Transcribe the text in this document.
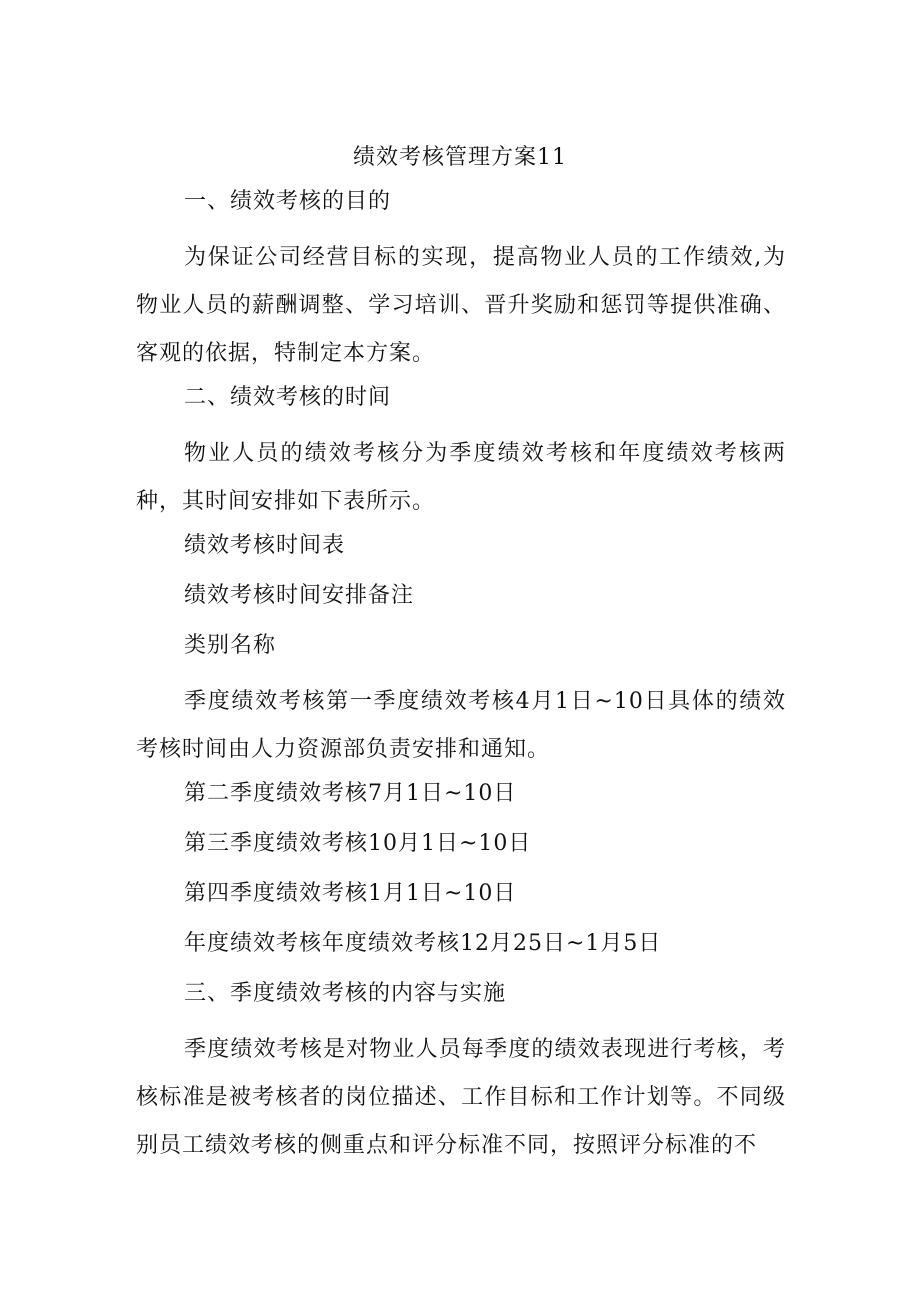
绩效考核管理方案11

一、绩效考核的目的

为保证公司经营目标的实现，提高物业人员的工作绩效,为物业人员的薪酬调整、学习培训、晋升奖励和惩罚等提供准确、客观的依据，特制定本方案。

二、绩效考核的时间

物业人员的绩效考核分为季度绩效考核和年度绩效考核两种，其时间安排如下表所示。

绩效考核时间表

绩效考核时间安排备注

类别名称

季度绩效考核第一季度绩效考核4月1日~10日具体的绩效考核时间由人力资源部负责安排和通知。

第二季度绩效考核7月1日~10日

第三季度绩效考核10月1日~10日

第四季度绩效考核1月1日~10日

年度绩效考核年度绩效考核12月25日~1月5日

三、季度绩效考核的内容与实施

季度绩效考核是对物业人员每季度的绩效表现进行考核，考核标准是被考核者的岗位描述、工作目标和工作计划等。不同级别员工绩效考核的侧重点和评分标准不同，按照评分标准的不
